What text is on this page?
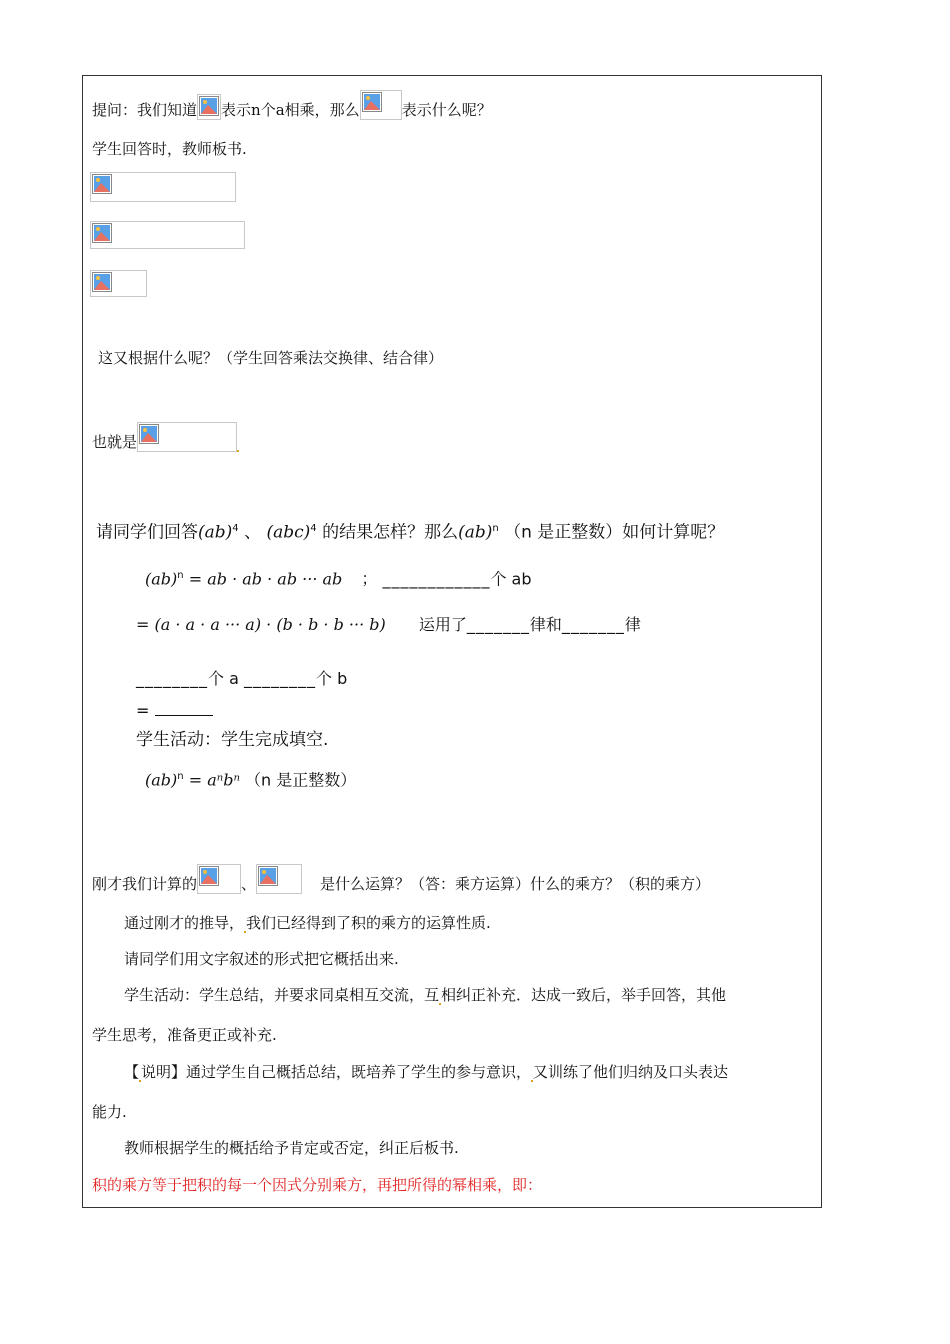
提问：我们知道 表示n个a相乘，那么	表示什么呢？
学生回答时，教师板书.
这又根据什么呢？（学生回答乘法交换律、结合律）
也就是
请同学们回答(ab)$^4$ 、 (abc)$^4$ 的结果怎样？那么(ab)$^n$ （n 是正整数）如何计算呢？
(ab)$^n$ = ab · ab · ab ··· ab ； ____________个 ab
= (a · a · a ··· a) · (b · b · b ··· b) 运用了_______律和_______律
________个 a ________个 b
=
学生活动：学生完成填空.
(ab)$^n$ = aⁿbⁿ （n 是正整数）
刚才我们计算的	、	是什么运算？（答：乘方运算）什么的乘方？（积的乘方）
通过刚才的推导， 我们已经得到了积的乘方的运算性质.
请同学们用文字叙述的形式把它概括出来.
学生活动：学生总结，并要求同桌相互交流，互 相纠正补充．达成一致后，举手回答，其他
学生思考，准备更正或补充.
【 说明】通过学生自己概括总结，既培养了学生的参与意识， 又训练了他们归纳及口头表达
能力.
教师根据学生的概括给予肯定或否定，纠正后板书.
积的乘方等于把积的每一个因式分别乘方，再把所得的幂相乘，即：
